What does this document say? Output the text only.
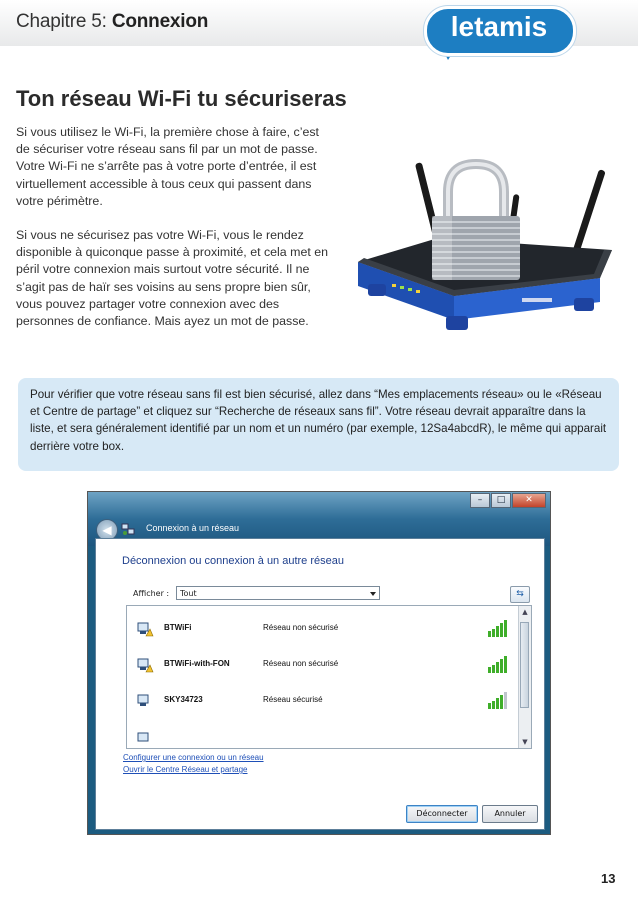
Chapitre 5: Connexion	letamis
Ton réseau Wi-Fi tu sécuriseras

Si vous utilisez le Wi-Fi, la première chose à faire, c’est de sécuriser votre réseau sans fil par un mot de passe. Votre Wi-Fi ne s’arrête pas à votre porte d’entrée, il est virtuellement accessible à tous ceux qui passent dans votre périmètre.

Si vous ne sécurisez pas votre Wi-Fi, vous le rendez disponible à quiconque passe à proximité, et cela met en péril votre connexion mais surtout votre sécurité. Il ne s’agit pas de haïr ses voisins au sens propre bien sûr, vous pouvez partager votre connexion avec des personnes de confiance. Mais ayez un mot de passe.

Pour vérifier que votre réseau sans fil est bien sécurisé, allez dans “Mes emplacements réseau» ou le «Réseau et Centre de partage” et cliquez sur “Recherche de réseaux sans fil”. Votre réseau devrait apparaître dans la liste, et sera généralement identifié par un nom et un numéro (par exemple, 12Sa4abcdR), le même qui apparait derrière votre box.
–	□	✕
◀	Connexion à un réseau
Déconnexion ou connexion à un autre réseau
Afficher :	Tout	⇆
BTWiFi	Réseau non sécurisé
BTWiFi-with-FON	Réseau non sécurisé
SKY34723	Réseau sécurisé
▲
▼
Configurer une connexion ou un réseau
Ouvrir le Centre Réseau et partage
Déconnecter	Annuler
13
